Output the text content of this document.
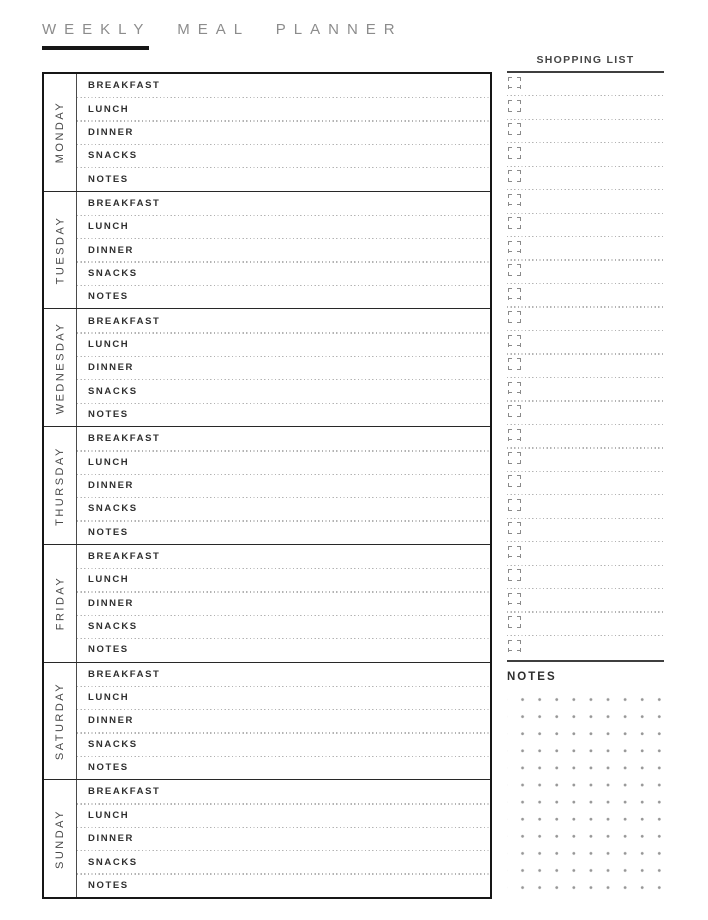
WEEKLY MEAL PLANNER
MONDAY
BREAKFAST
LUNCH
DINNER
SNACKS
NOTES
TUESDAY
BREAKFAST
LUNCH
DINNER
SNACKS
NOTES
WEDNESDAY
BREAKFAST
LUNCH
DINNER
SNACKS
NOTES
THURSDAY
BREAKFAST
LUNCH
DINNER
SNACKS
NOTES
FRIDAY
BREAKFAST
LUNCH
DINNER
SNACKS
NOTES
SATURDAY
BREAKFAST
LUNCH
DINNER
SNACKS
NOTES
SUNDAY
BREAKFAST
LUNCH
DINNER
SNACKS
NOTES
SHOPPING LIST
NOTES
